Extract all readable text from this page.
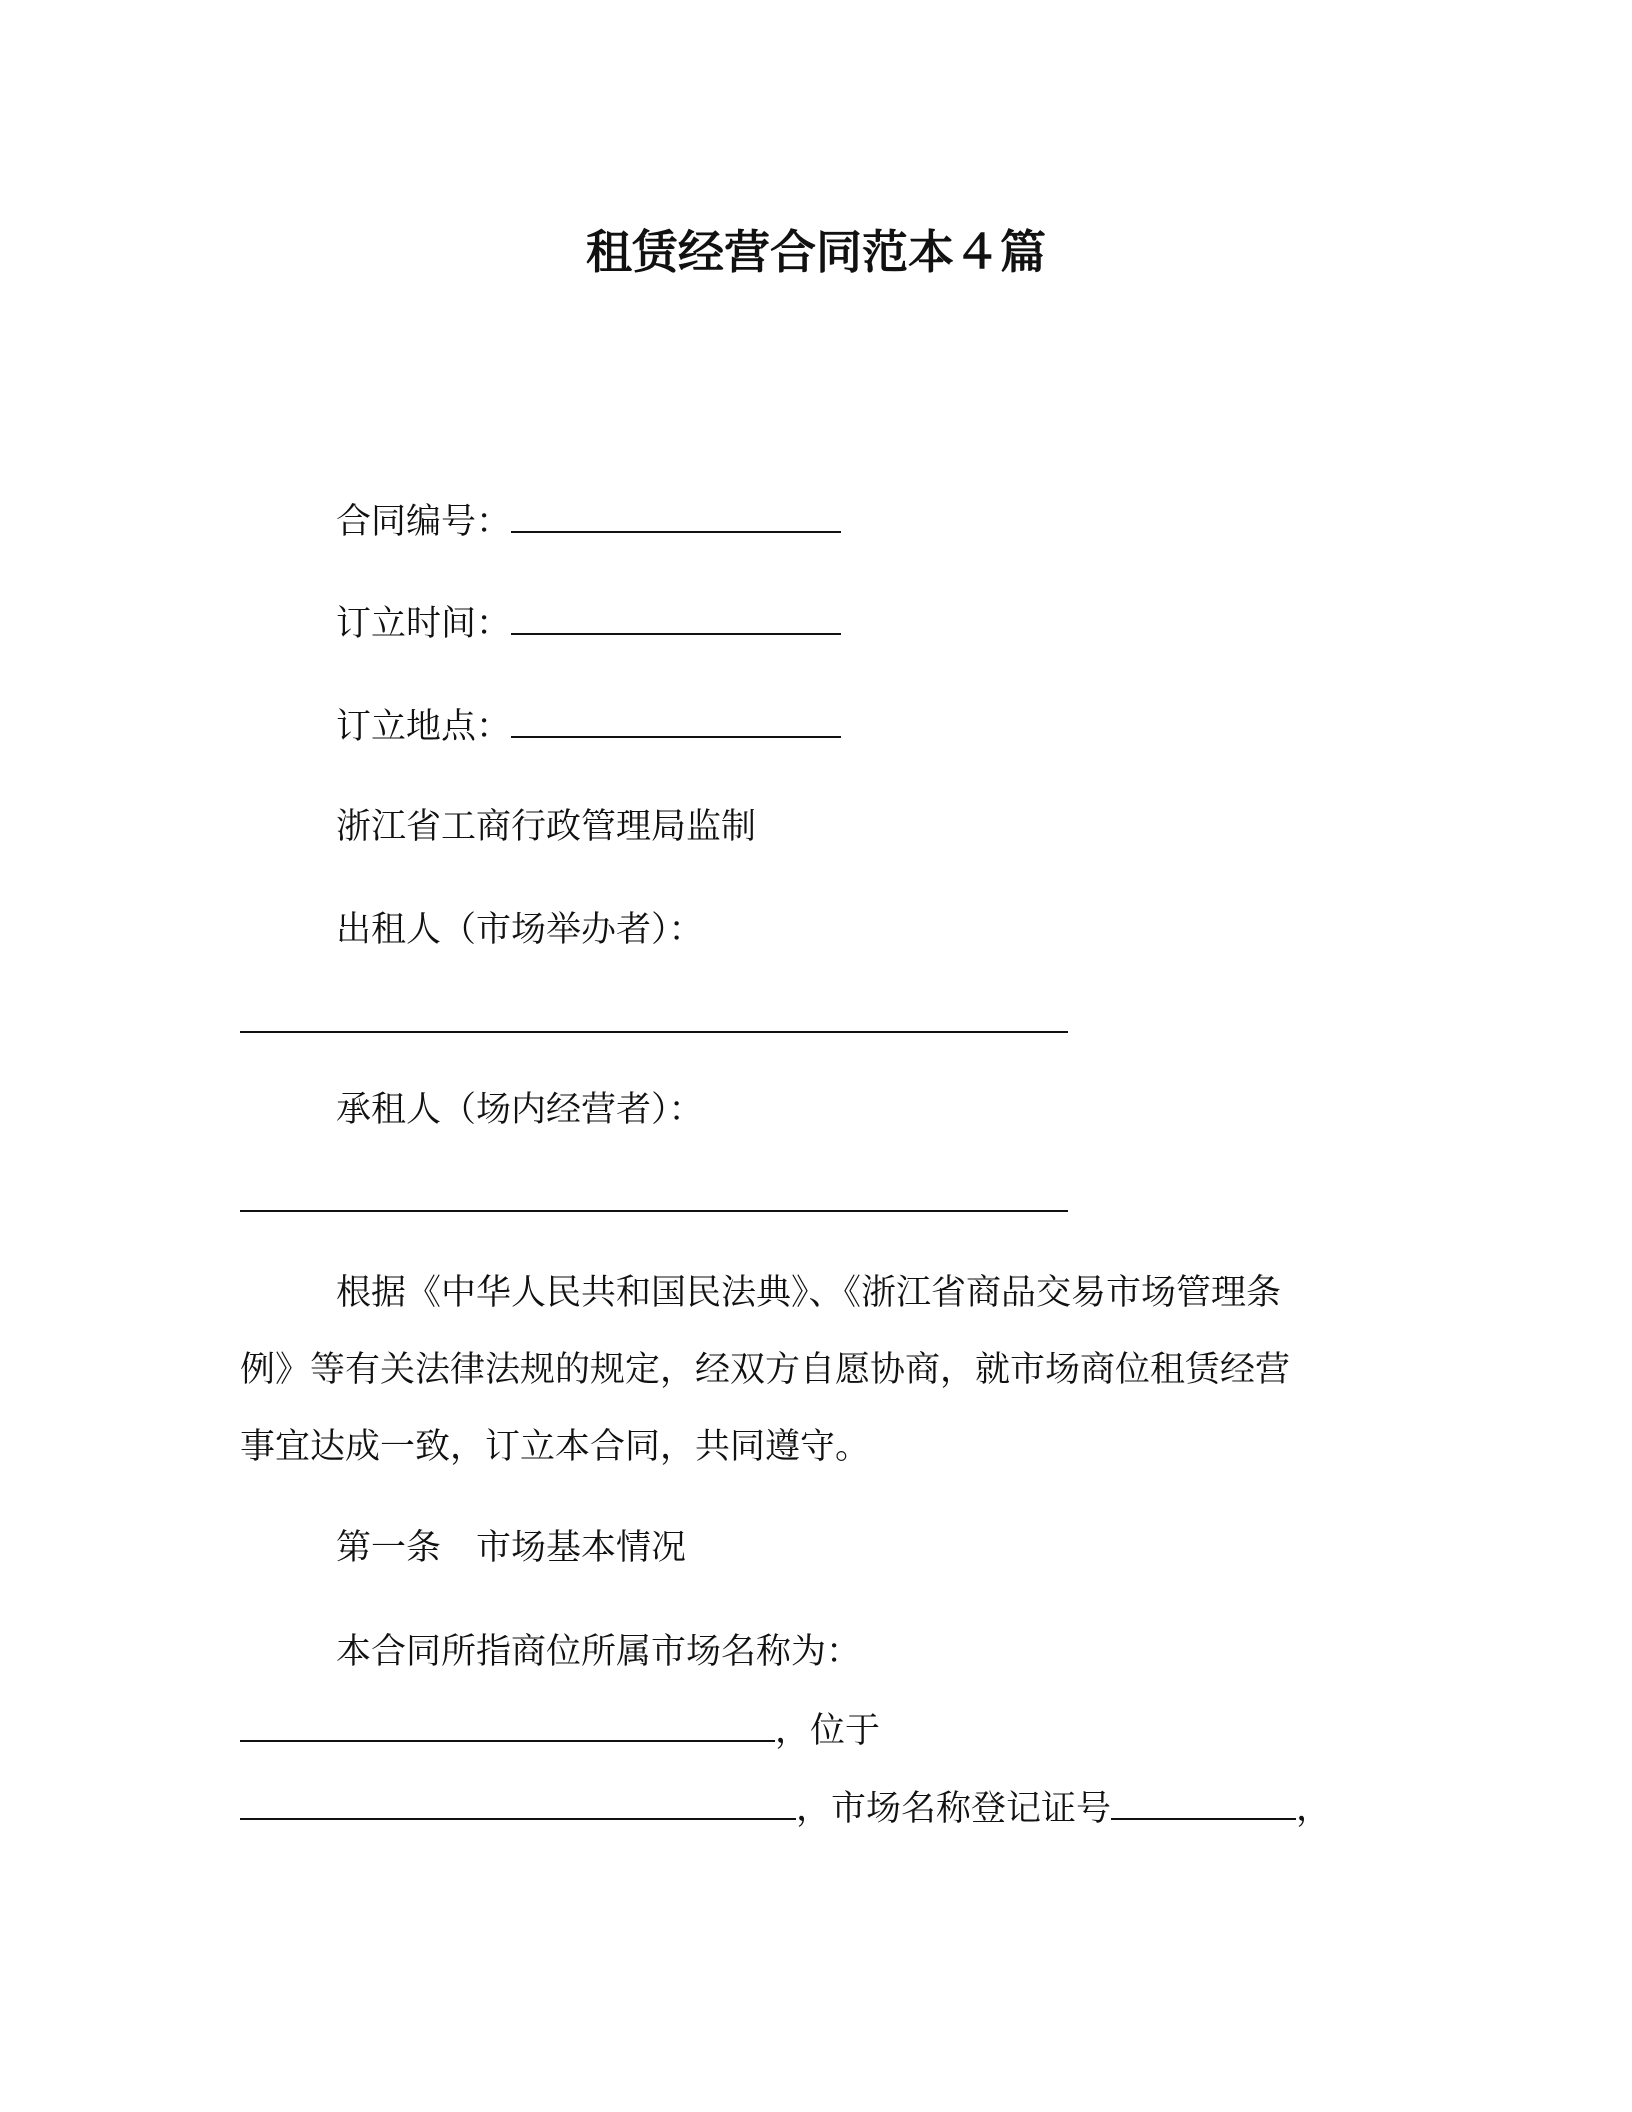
租赁经营合同范本４篇
合同编号：
订立时间：
订立地点：
浙江省工商行政管理局监制
出租人（市场举办者）：
承租人（场内经营者）：
根据《中华人民共和国民法典》、《浙江省商品交易市场管理条
例》等有关法律法规的规定，经双方自愿协商，就市场商位租赁经营
事宜达成一致，订立本合同，共同遵守。
第一条　市场基本情况
本合同所指商位所属市场名称为：
，位于
，市场名称登记证号	，
